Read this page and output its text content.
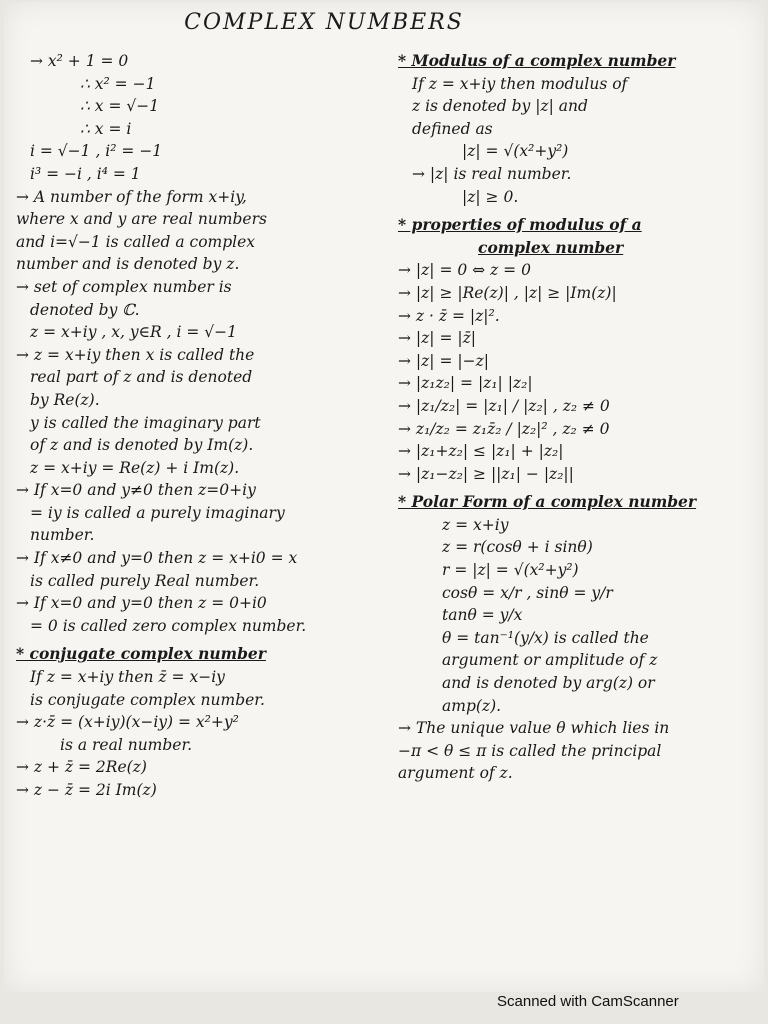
COMPLEX NUMBERS
→ x² + 1 = 0
∴ x² = −1
∴ x = √−1
∴ x = i
i = √−1 , i² = −1
i³ = −i , i⁴ = 1
→ A number of the form x+iy,
where x and y are real numbers
and i=√−1 is called a complex
number and is denoted by z.
→ set of complex number is
denoted by ℂ.
z = x+iy , x, y∈R , i = √−1
→ z = x+iy then x is called the
real part of z and is denoted
by Re(z).
y is called the imaginary part
of z and is denoted by Im(z).
z = x+iy = Re(z) + i Im(z).
→ If x=0 and y≠0 then z=0+iy
= iy is called a purely imaginary
number.
→ If x≠0 and y=0 then z = x+i0 = x
is called purely Real number.
→ If x=0 and y=0 then z = 0+i0
= 0 is called zero complex number.
* conjugate complex number
If z = x+iy then z̄ = x−iy
is conjugate complex number.
→ z·z̄ = (x+iy)(x−iy) = x²+y²
is a real number.
→ z + z̄ = 2Re(z)
→ z − z̄ = 2i Im(z)
* Modulus of a complex number
If z = x+iy then modulus of
z is denoted by |z| and
defined as
|z| = √(x²+y²)
→ |z| is real number.
|z| ≥ 0.
* properties of modulus of a
complex number
→ |z| = 0 ⇔ z = 0
→ |z| ≥ |Re(z)| , |z| ≥ |Im(z)|
→ z · z̄ = |z|².
→ |z| = |z̄|
→ |z| = |−z|
→ |z₁z₂| = |z₁| |z₂|
→ |z₁/z₂| = |z₁| / |z₂| , z₂ ≠ 0
→ z₁/z₂ = z₁z̄₂ / |z₂|² , z₂ ≠ 0
→ |z₁+z₂| ≤ |z₁| + |z₂|
→ |z₁−z₂| ≥ ||z₁| − |z₂||
* Polar Form of a complex number
z = x+iy
z = r(cosθ + i sinθ)
r = |z| = √(x²+y²)
cosθ = x/r , sinθ = y/r
tanθ = y/x
θ = tan⁻¹(y/x) is called the
argument or amplitude of z
and is denoted by arg(z) or
amp(z).
→ The unique value θ which lies in
−π < θ ≤ π is called the principal
argument of z.
Scanned with CamScanner
